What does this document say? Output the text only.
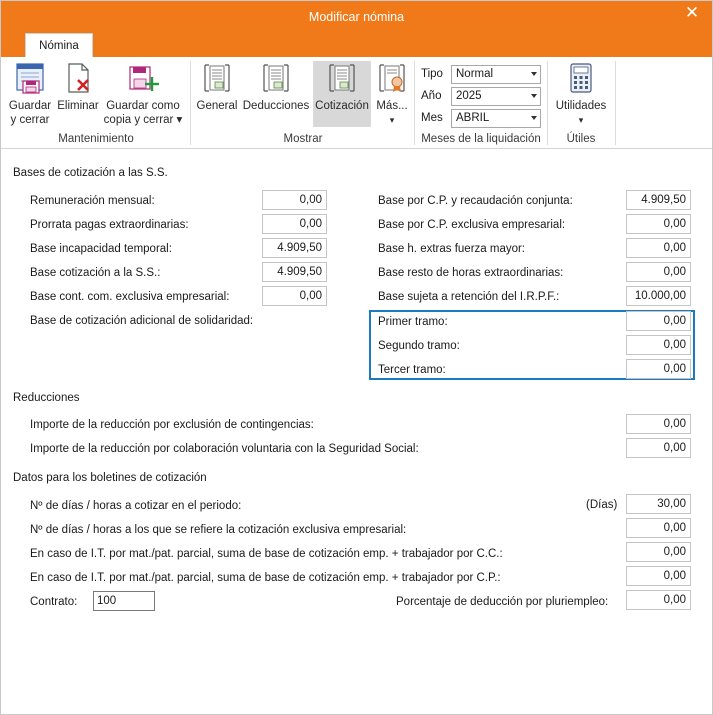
Modificar nómina	✕
Nómina
Guardar
y cerrar
Eliminar Guardar como
copia y cerrar ▾
General Deducciones Cotización Más...
▾
Tipo	Normal
Año	2025
Mes	ABRIL
Utilidades
▾
Mantenimiento	Mostrar	Meses de la liquidación	Útiles
Bases de cotización a las S.S.
Remuneración mensual:	0,00
Prorrata pagas extraordinarias:	0,00
Base incapacidad temporal:	4.909,50
Base cotización a la S.S.:	4.909,50
Base cont. com. exclusiva empresarial:	0,00
Base de cotización adicional de solidaridad:
Base por C.P. y recaudación conjunta:	4.909,50
Base por C.P. exclusiva empresarial:	0,00
Base h. extras fuerza mayor:	0,00
Base resto de horas extraordinarias:	0,00
Base sujeta a retención del I.R.P.F.:	10.000,00
Primer tramo:	0,00
Segundo tramo:	0,00
Tercer tramo:	0,00
Reducciones
Importe de la reducción por exclusión de contingencias:	0,00
Importe de la reducción por colaboración voluntaria con la Seguridad Social:	0,00
Datos para los boletines de cotización
Nº de días / horas a cotizar en el periodo:	(Días)	30,00
Nº de días / horas a los que se refiere la cotización exclusiva empresarial:	0,00
En caso de I.T. por mat./pat. parcial, suma de base de cotización emp. + trabajador por C.C.:	0,00
En caso de I.T. por mat./pat. parcial, suma de base de cotización emp. + trabajador por C.P.:	0,00
Contrato:	100	Porcentaje de deducción por pluriempleo:	0,00
